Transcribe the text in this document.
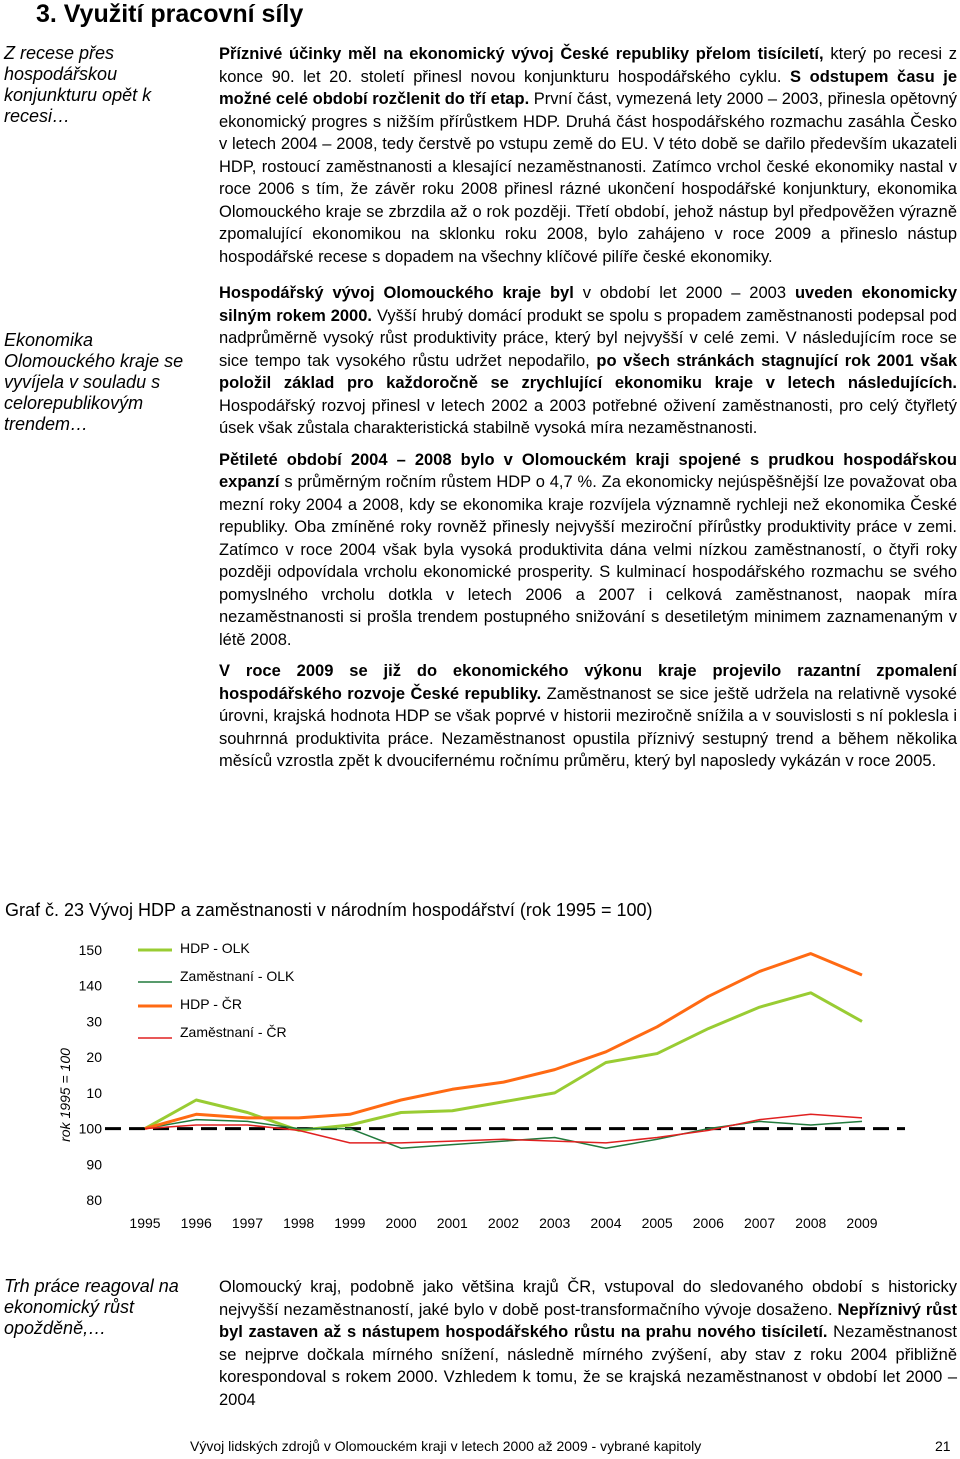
3. Využití pracovní síly
Z recese přes hospodářskou konjunkturu opět k recesi…
Ekonomika Olomouckého kraje se vyvíjela v souladu s celorepublikovým trendem…
Trh práce reagoval na ekonomický růst opožděně,…

Příznivé účinky měl na ekonomický vývoj České republiky přelom tisíciletí, který po recesi z konce 90. let 20. století přinesl novou konjunkturu hospodářského cyklu. S odstupem času je možné celé období rozčlenit do tří etap. První část, vymezená lety 2000 – 2003, přinesla opětovný ekonomický progres s nižším přírůstkem HDP. Druhá část hospodářského rozmachu zasáhla Česko v letech 2004 – 2008, tedy čerstvě po vstupu země do EU. V této době se dařilo především ukazateli HDP, rostoucí zaměstnanosti a klesající nezaměstnanosti. Zatímco vrchol české ekonomiky nastal v roce 2006 s tím, že závěr roku 2008 přinesl rázné ukončení hospodářské konjunktury, ekonomika Olomouckého kraje se zbrzdila až o rok později. Třetí období, jehož nástup byl předpověžen výrazně zpomalující ekonomikou na sklonku roku 2008, bylo zahájeno v roce 2009 a přineslo nástup hospodářské recese s dopadem na všechny klíčové pilíře české ekonomiky.

Hospodářský vývoj Olomouckého kraje byl v období let 2000 – 2003 uveden ekonomicky silným rokem 2000. Vyšší hrubý domácí produkt se spolu s propadem zaměstnanosti podepsal pod nadprůměrně vysoký růst produktivity práce, který byl nejvyšší v celé zemi. V následujícím roce se sice tempo tak vysokého růstu udržet nepodařilo, po všech stránkách stagnující rok 2001 však položil základ pro každoročně se zrychlující ekonomiku kraje v letech následujících. Hospodářský rozvoj přinesl v letech 2002 a 2003 potřebné oživení zaměstnanosti, pro celý čtyřletý úsek však zůstala charakteristická stabilně vysoká míra nezaměstnanosti.

Pětileté období 2004 – 2008 bylo v Olomouckém kraji spojené s prudkou hospodářskou expanzí s průměrným ročním růstem HDP o 4,7 %. Za ekonomicky nejúspěšnější lze považovat oba mezní roky 2004 a 2008, kdy se ekonomika kraje rozvíjela významně rychleji než ekonomika České republiky. Oba zmíněné roky rovněž přinesly nejvyšší meziroční přírůstky produktivity práce v zemi. Zatímco v roce 2004 však byla vysoká produktivita dána velmi nízkou zaměstnaností, o čtyři roky později odpovídala vrcholu ekonomické prosperity. S kulminací hospodářského rozmachu se svého pomyslného vrcholu dotkla v letech 2006 a 2007 i celková zaměstnanost, naopak míra nezaměstnanosti si prošla trendem postupného snižování s desetiletým minimem zaznamenaným v létě 2008.

V roce 2009 se již do ekonomického výkonu kraje projevilo razantní zpomalení hospodářského rozvoje České republiky. Zaměstnanost se sice ještě udržela na relativně vysoké úrovni, krajská hodnota HDP se však poprvé v historii meziročně snížila a v souvislosti s ní poklesla i souhrnná produktivita práce. Nezaměstnanost opustila příznivý sestupný trend a během několika měsíců vzrostla zpět k dvoucifernému ročnímu průměru, který byl naposledy vykázán v roce 2005.

Graf č. 23 Vývoj HDP a zaměstnanosti v národním hospodářství (rok 1995 = 100)
rok 1995 = 100
150
140
30
20
10
100
90
80
1995 1996 1997 1998 1999 2000 2001 2002 2003 2004 2005 2006 2007 2008 2009
HDP - OLK
Zaměstnaní - OLK
HDP - ČR
Zaměstnaní - ČR

Olomoucký kraj, podobně jako většina krajů ČR, vstupoval do sledovaného období s historicky nejvyšší nezaměstnaností, jaké bylo v době post-transformačního vývoje dosaženo. Nepříznivý růst byl zastaven až s nástupem hospodářského růstu na prahu nového tisíciletí. Nezaměstnanost se nejprve dočkala mírného snížení, následně mírného zvýšení, aby stav z roku 2004 přibližně korespondoval s rokem 2000. Vzhledem k tomu, že se krajská nezaměstnanost v období let 2000 – 2004

Vývoj lidských zdrojů v Olomouckém kraji v letech 2000 až 2009 - vybrané kapitoly	21
